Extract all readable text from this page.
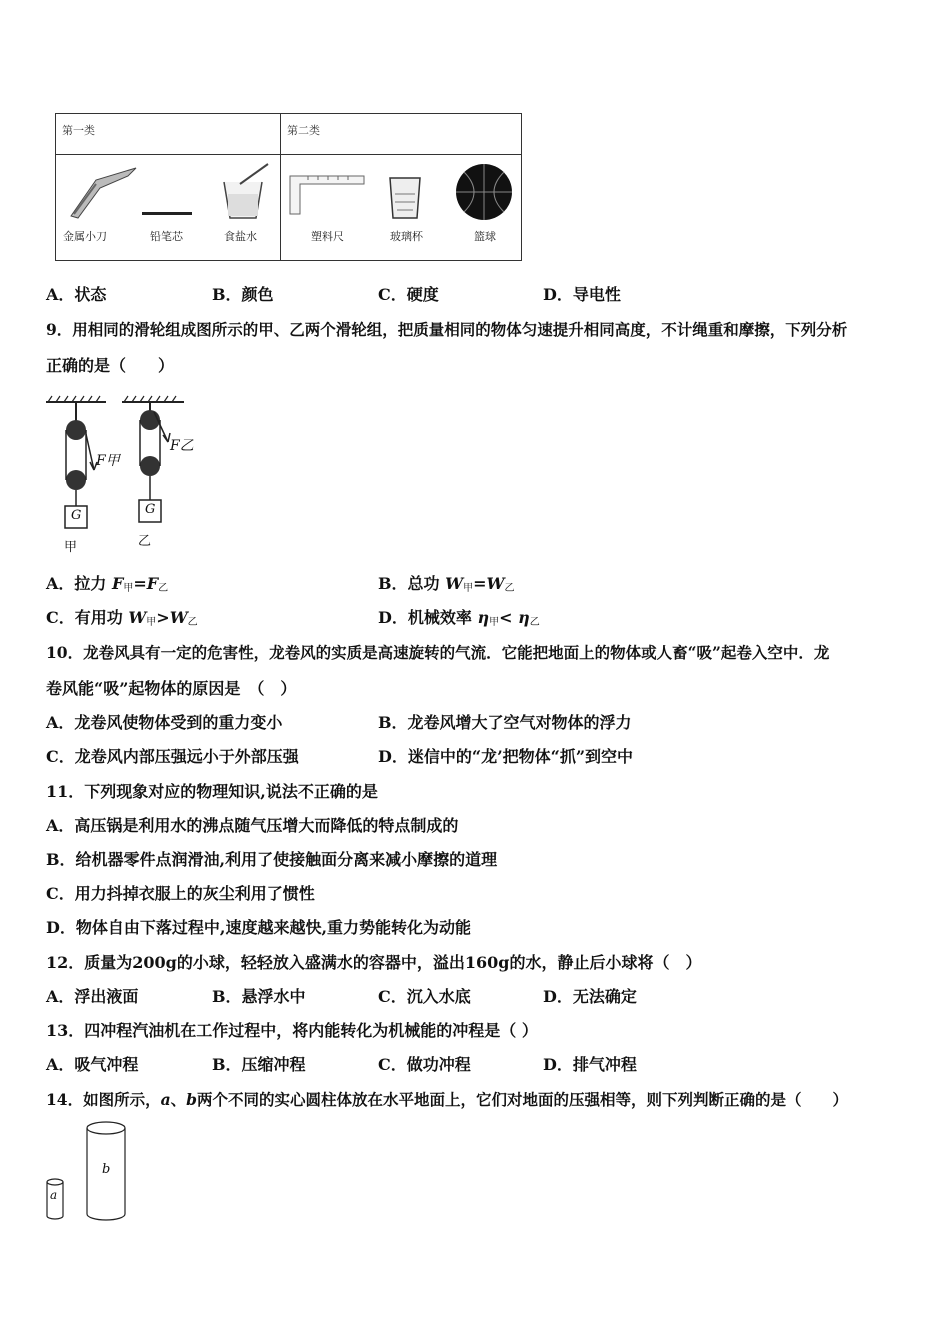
第一类	第二类
金属小刀	铅笔芯	食盐水	塑料尺	玻璃杯	篮球
A．状态	B．颜色	C．硬度	D．导电性
9．用相同的滑轮组成图所示的甲、乙两个滑轮组，把质量相同的物体匀速提升相同高度，不计绳重和摩擦，下列分析
正确的是（　　）
F甲
F乙
G	G
甲	乙
A．拉力 $F_甲=F_乙$	B．总功 $W_甲=W_乙$
C．有用功 $W_甲>W_乙$	D．机械效率 $\eta_甲< \eta_乙$
10．龙卷风具有一定的危害性，龙卷风的实质是高速旋转的气流．它能把地面上的物体或人畜“吸”起卷入空中．龙
卷风能“吸”起物体的原因是　（　）
A．龙卷风使物体受到的重力变小	B．龙卷风增大了空气对物体的浮力
C．龙卷风内部压强远小于外部压强	D．迷信中的“龙’把物体“抓”到空中
11．下列现象对应的物理知识,说法不正确的是
A．高压锅是利用水的沸点随气压增大而降低的特点制成的
B．给机器零件点润滑油,利用了使接触面分离来减小摩擦的道理
C．用力抖掉衣服上的灰尘利用了惯性
D．物体自由下落过程中,速度越来越快,重力势能转化为动能
12．质量为200g的小球，轻轻放入盛满水的容器中，溢出160g的水，静止后小球将（　）
A．浮出液面	B．悬浮水中	C．沉入水底	D．无法确定
13．四冲程汽油机在工作过程中，将内能转化为机械能的冲程是（ ）
A．吸气冲程	B．压缩冲程	C．做功冲程	D．排气冲程
14．如图所示，a、b两个不同的实心圆柱体放在水平地面上，它们对地面的压强相等，则下列判断正确的是（　　）
a
b
